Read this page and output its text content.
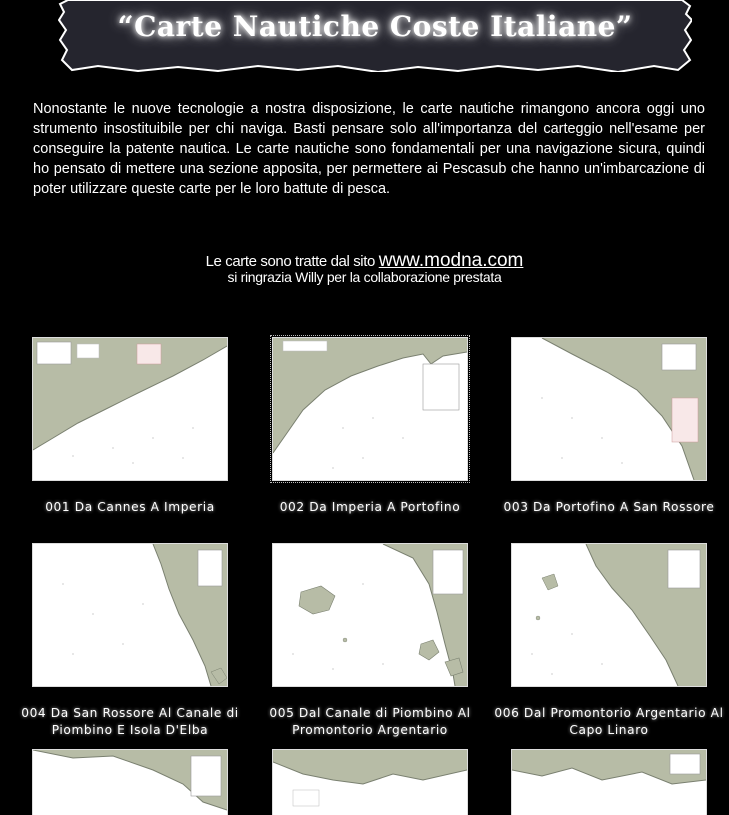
“Carte Nautiche Coste Italiane”

Nonostante le nuove tecnologie a nostra disposizione, le carte nautiche rimangono ancora oggi uno strumento insostituibile per chi naviga. Basti pensare solo all'importanza del carteggio nell'esame per conseguire la patente nautica. Le carte nautiche sono fondamentali per una navigazione sicura, quindi ho pensato di mettere una sezione apposita, per permettere ai Pescasub che hanno un'imbarcazione di poter utilizzare queste carte per le loro battute di pesca.

Le carte sono tratte dal sito www.modna.com
si ringrazia Willy per la collaborazione prestata
001 Da Cannes A Imperia	002 Da Imperia A Portofino	003 Da Portofino A San Rossore
004 Da San Rossore Al Canale di Piombino E Isola D'Elba
005 Dal Canale di Piombino Al Promontorio Argentario
006 Dal Promontorio Argentario Al Capo Linaro
